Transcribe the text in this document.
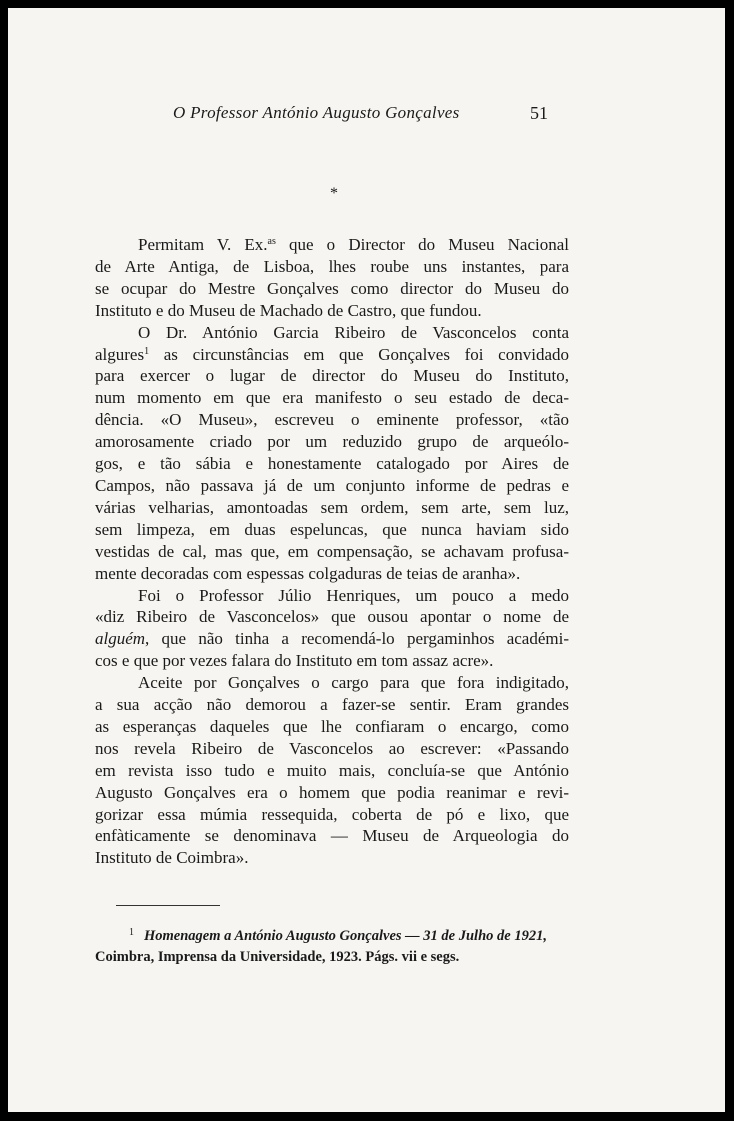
O Professor António Augusto Gonçalves	51
*
Permitam V. Ex.$^{as}$ que o Director do Museu Nacional
de Arte Antiga, de Lisboa, lhes roube uns instantes, para
se ocupar do Mestre Gonçalves como director do Museu do
Instituto e do Museu de Machado de Castro, que fundou.
O Dr. António Garcia Ribeiro de Vasconcelos conta
algures$^1$ as circunstâncias em que Gonçalves foi convidado
para exercer o lugar de director do Museu do Instituto,
num momento em que era manifesto o seu estado de deca-
dência. «O Museu», escreveu o eminente professor, «tão
amorosamente criado por um reduzido grupo de arqueólo-
gos, e tão sábia e honestamente catalogado por Aires de
Campos, não passava já de um conjunto informe de pedras e
várias velharias, amontoadas sem ordem, sem arte, sem luz,
sem limpeza, em duas espeluncas, que nunca haviam sido
vestidas de cal, mas que, em compensação, se achavam profusa-
mente decoradas com espessas colgaduras de teias de aranha».
Foi o Professor Júlio Henriques, um pouco a medo
«diz Ribeiro de Vasconcelos» que ousou apontar o nome de
alguém, que não tinha a recomendá-lo pergaminhos académi-
cos e que por vezes falara do Instituto em tom assaz acre».
Aceite por Gonçalves o cargo para que fora indigitado,
a sua acção não demorou a fazer-se sentir. Eram grandes
as esperanças daqueles que lhe confiaram o encargo, como
nos revela Ribeiro de Vasconcelos ao escrever: «Passando
em revista isso tudo e muito mais, concluía-se que António
Augusto Gonçalves era o homem que podia reanimar e revi-
gorizar essa múmia ressequida, coberta de pó e lixo, que
enfàticamente se denominava — Museu de Arqueologia do
Instituto de Coimbra».
$^1$ Homenagem a António Augusto Gonçalves — 31 de Julho de 1921,
Coimbra, Imprensa da Universidade, 1923. Págs. vii e segs.
